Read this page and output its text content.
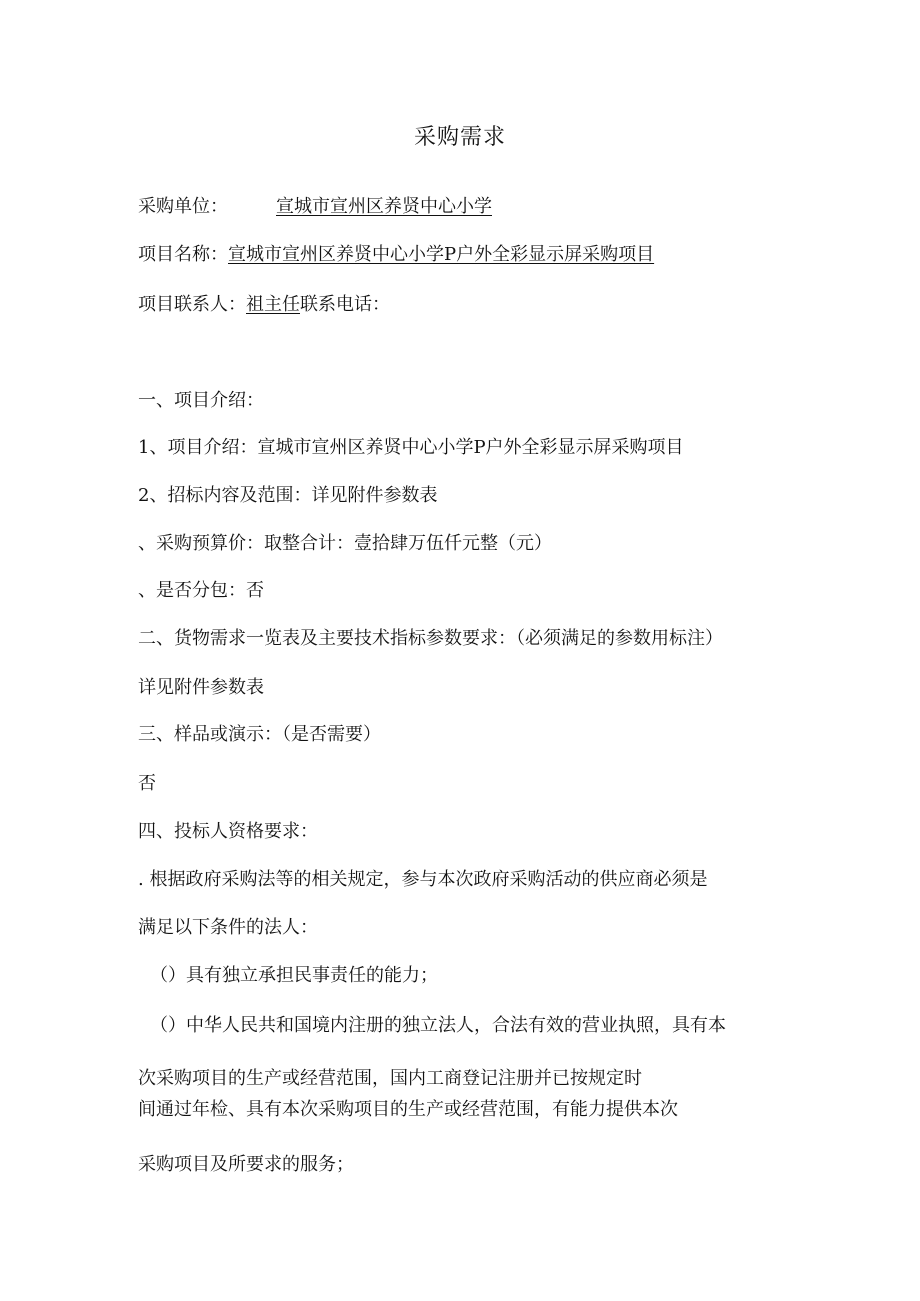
采购需求

采购单位：	宣城市宣州区养贤中心小学

项目名称：宣城市宣州区养贤中心小学P户外全彩显示屏采购项目

项目联系人：祖主任联系电话：

一、项目介绍：

1、项目介绍：宣城市宣州区养贤中心小学P户外全彩显示屏采购项目

2、招标内容及范围：详见附件参数表

、采购预算价：取整合计：壹拾肆万伍仟元整（元）

、是否分包：否

二、货物需求一览表及主要技术指标参数要求：（必须满足的参数用标注）

详见附件参数表

三、样品或演示：（是否需要）

否

四、投标人资格要求：

. 根据政府采购法等的相关规定，参与本次政府采购活动的供应商必须是

满足以下条件的法人：

（）具有独立承担民事责任的能力；

（）中华人民共和国境内注册的独立法人，合法有效的营业执照，具有本

次采购项目的生产或经营范围，国内工商登记注册并已按规定时

间通过年检、具有本次采购项目的生产或经营范围，有能力提供本次

采购项目及所要求的服务；
